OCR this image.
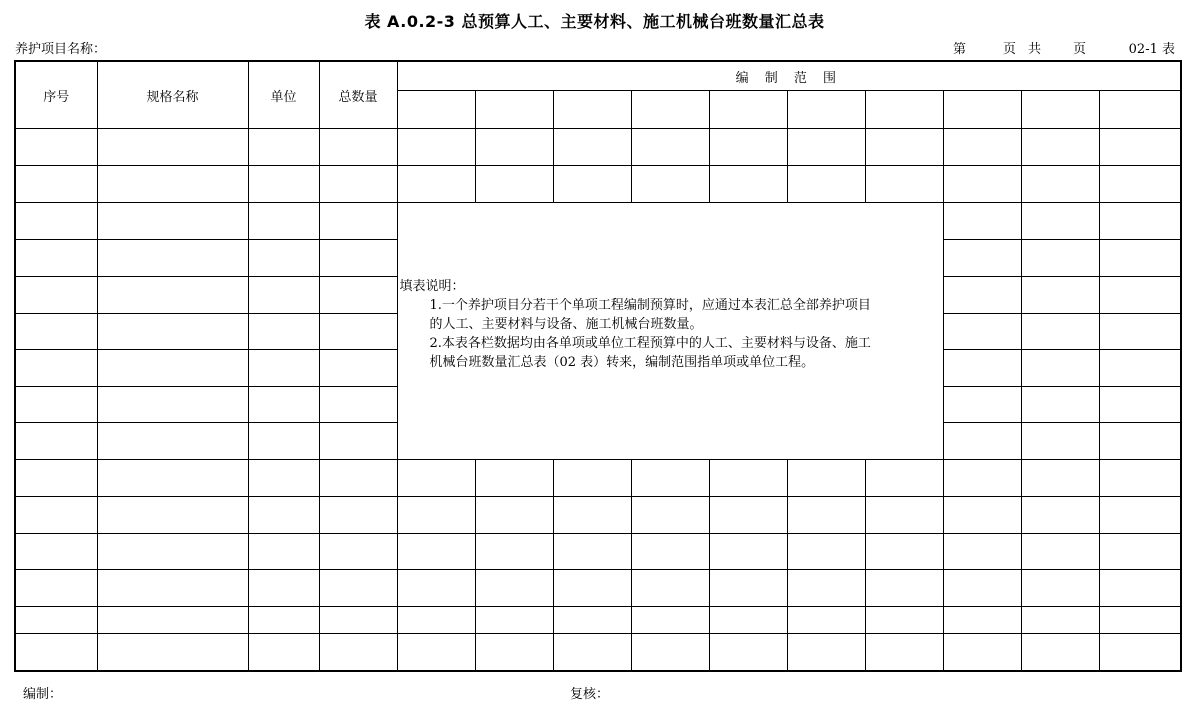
表 A.0.2-3 总预算人工、主要材料、施工机械台班数量汇总表
养护项目名称：	第	页 共	页	02-1 表
序号	规格名称	单位	总数量	编 制 范 围									

				填表说明：

1.一个养护项目分若干个单项工程编制预算时，应通过本表汇总全部养护项目

的人工、主要材料与设备、施工机械台班数量。

2.本表各栏数据均由各单项或单位工程预算中的人工、主要材料与设备、施工

机械台班数量汇总表（02 表）转来，编制范围指单项或单位工程。									

编制：	复核：
